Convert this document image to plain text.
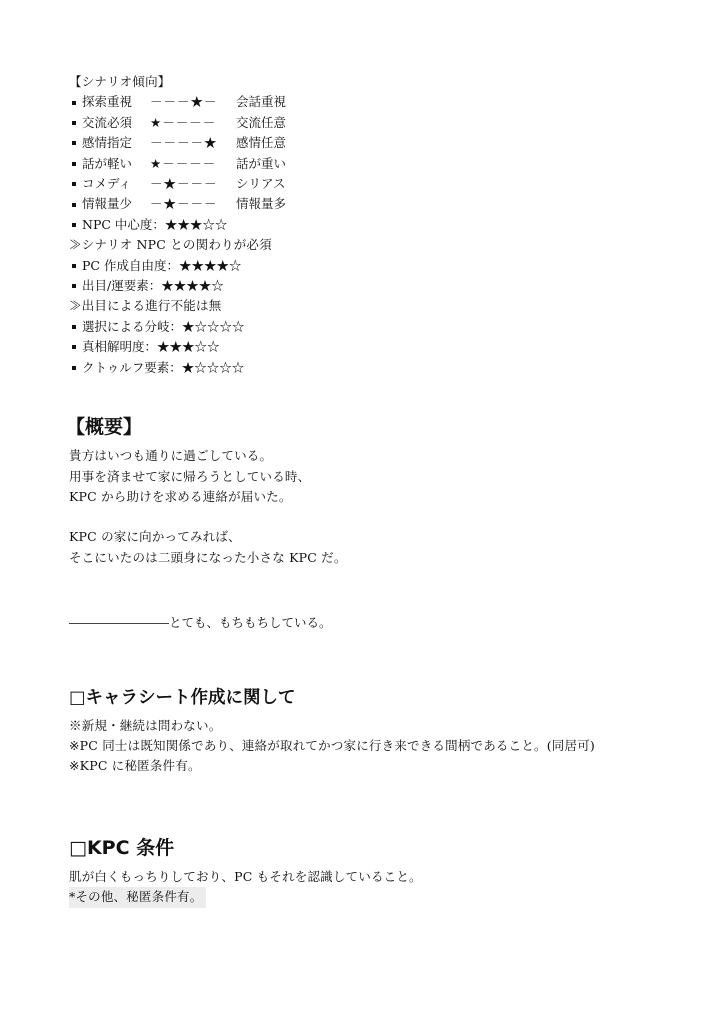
【シナリオ傾向】
探索重視	－－－★－	会話重視
交流必須	★－－－－	交流任意
感情指定	－－－－★	感情任意
話が軽い	★－－－－	話が重い
コメディ	－★－－－	シリアス
情報量少	－★－－－	情報量多
NPC 中心度：★★★☆☆
≫シナリオ NPC との関わりが必須
PC 作成自由度：★★★★☆
出目/運要素：★★★★☆
≫出目による進行不能は無
選択による分岐：★☆☆☆☆
真相解明度：★★★☆☆
クトゥルフ要素：★☆☆☆☆
【概要】
貴方はいつも通りに過ごしている。
用事を済ませて家に帰ろうとしている時、
KPC から助けを求める連絡が届いた。
KPC の家に向かってみれば、
そこにいたのは二頭身になった小さな KPC だ。
――――――――とても、もちもちしている。
□キャラシート作成に関して
※新規・継続は問わない。
※PC 同士は既知関係であり、連絡が取れてかつ家に行き来できる間柄であること。(同居可)
※KPC に秘匿条件有。
□KPC 条件
肌が白くもっちりしており、PC もそれを認識していること。
*その他、秘匿条件有。
